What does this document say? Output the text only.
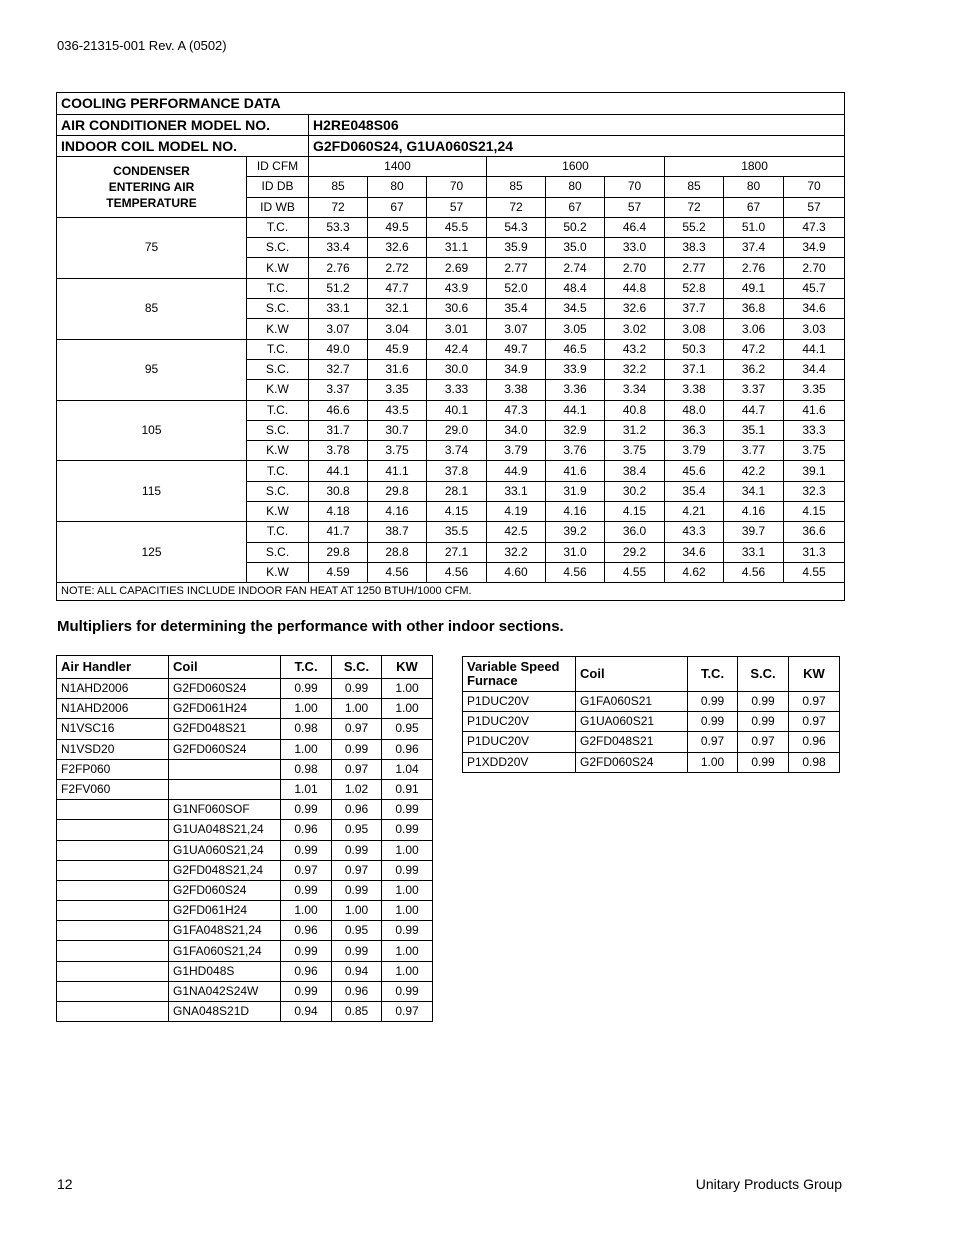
036-21315-001 Rev. A (0502)
COOLING PERFORMANCE DATA										
AIR CONDITIONER MODEL NO.		H2RE048S06								
INDOOR COIL MODEL NO.		G2FD060S24, G1UA060S21,24								

CONDENSER
ENTERING AIR
TEMPERATURE	ID CFM	1400			1600			1800		
	ID DB	85	80	70	85	80	70	85	80	70
	ID WB	72	67	57	72	67	57	72	67	57
75	T.C.	53.3	49.5	45.5	54.3	50.2	46.4	55.2	51.0	47.3
	S.C.	33.4	32.6	31.1	35.9	35.0	33.0	38.3	37.4	34.9
	K.W	2.76	2.72	2.69	2.77	2.74	2.70	2.77	2.76	2.70
85	T.C.	51.2	47.7	43.9	52.0	48.4	44.8	52.8	49.1	45.7
	S.C.	33.1	32.1	30.6	35.4	34.5	32.6	37.7	36.8	34.6
	K.W	3.07	3.04	3.01	3.07	3.05	3.02	3.08	3.06	3.03
95	T.C.	49.0	45.9	42.4	49.7	46.5	43.2	50.3	47.2	44.1
	S.C.	32.7	31.6	30.0	34.9	33.9	32.2	37.1	36.2	34.4
	K.W	3.37	3.35	3.33	3.38	3.36	3.34	3.38	3.37	3.35
105	T.C.	46.6	43.5	40.1	47.3	44.1	40.8	48.0	44.7	41.6
	S.C.	31.7	30.7	29.0	34.0	32.9	31.2	36.3	35.1	33.3
	K.W	3.78	3.75	3.74	3.79	3.76	3.75	3.79	3.77	3.75
115	T.C.	44.1	41.1	37.8	44.9	41.6	38.4	45.6	42.2	39.1
	S.C.	30.8	29.8	28.1	33.1	31.9	30.2	35.4	34.1	32.3
	K.W	4.18	4.16	4.15	4.19	4.16	4.15	4.21	4.16	4.15
125	T.C.	41.7	38.7	35.5	42.5	39.2	36.0	43.3	39.7	36.6
	S.C.	29.8	28.8	27.1	32.2	31.0	29.2	34.6	33.1	31.3
	K.W	4.59	4.56	4.56	4.60	4.56	4.55	4.62	4.56	4.55
NOTE: ALL CAPACITIES INCLUDE INDOOR FAN HEAT AT 1250 BTUH/1000 CFM.										
Multipliers for determining the performance with other indoor sections.
Air Handler	Coil	T.C.	S.C.	KW
N1AHD2006	G2FD060S24	0.99	0.99	1.00
N1AHD2006	G2FD061H24	1.00	1.00	1.00
N1VSC16	G2FD048S21	0.98	0.97	0.95
N1VSD20	G2FD060S24	1.00	0.99	0.96
F2FP060		0.98	0.97	1.04
F2FV060		1.01	1.02	0.91
	G1NF060SOF	0.99	0.96	0.99
	G1UA048S21,24	0.96	0.95	0.99
	G1UA060S21,24	0.99	0.99	1.00
	G2FD048S21,24	0.97	0.97	0.99
	G2FD060S24	0.99	0.99	1.00
	G2FD061H24	1.00	1.00	1.00
	G1FA048S21,24	0.96	0.95	0.99
	G1FA060S21,24	0.99	0.99	1.00
	G1HD048S	0.96	0.94	1.00
	G1NA042S24W	0.99	0.96	0.99
	GNA048S21D	0.94	0.85	0.97
Variable Speed Furnace	Coil	T.C.	S.C.	KW
P1DUC20V	G1FA060S21	0.99	0.99	0.97
P1DUC20V	G1UA060S21	0.99	0.99	0.97
P1DUC20V	G2FD048S21	0.97	0.97	0.96
P1XDD20V	G2FD060S24	1.00	0.99	0.98
12	Unitary Products Group
